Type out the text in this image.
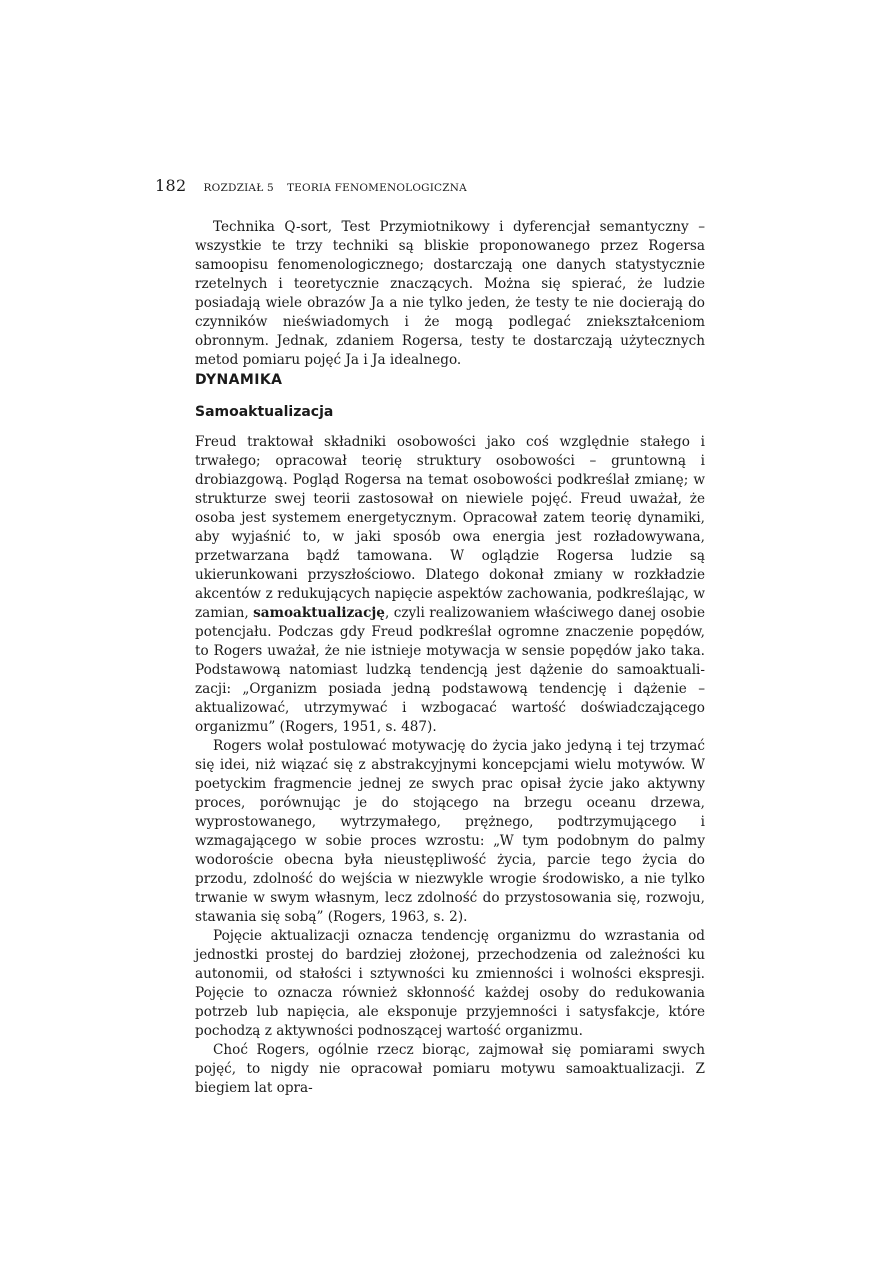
182 ROZDZIAŁ 5 TEORIA FENOMENOLOGICZNA

Technika Q-sort, Test Przymiotnikowy i dyferencjał semantyczny – wszystkie te trzy techniki są bliskie proponowanego przez Rogersa samoopisu fenomenologicznego; dostarczają one danych statystycznie rzetelnych i teoretycznie znaczących. Można się spierać, że ludzie posiadają wiele obrazów Ja a nie tylko jeden, że testy te nie docierają do czynników nieświadomych i że mogą podlegać zniekształceniom obronnym. Jednak, zdaniem Rogersa, testy te dostarczają użytecznych metod pomiaru pojęć Ja i Ja idealnego.

DYNAMIKA
Samoaktualizacja

Freud traktował składniki osobowości jako coś względnie stałego i trwałego; opracował teorię struktury osobowości – gruntowną i drobiazgową. Pogląd Rogersa na temat osobowości podkreślał zmianę; w strukturze swej teorii zastosował on niewiele pojęć. Freud uważał, że osoba jest systemem energetycznym. Opracował zatem teorię dynamiki, aby wyjaśnić to, w jaki sposób owa energia jest rozładowywana, przetwarzana bądź tamowana. W oglądzie Rogersa ludzie są ukierunkowani przyszłościowo. Dlatego dokonał zmiany w rozkładzie akcentów z redukujących napięcie aspektów zachowania, podkreślając, w zamian, samoaktualizację, czyli realizowaniem właściwego danej osobie potencjału. Podczas gdy Freud podkreślał ogromne znaczenie popędów, to Rogers uważał, że nie istnieje motywacja w sensie popędów jako taka. Podstawową natomiast ludzką tendencją jest dążenie do samoaktualizacji: „Organizm posiada jedną podstawową tendencję i dążenie – aktualizować, utrzymywać i wzbogacać wartość doświadczającego organizmu” (Rogers, 1951, s. 487).

Rogers wolał postulować motywację do życia jako jedyną i tej trzymać się idei, niż wiązać się z abstrakcyjnymi koncepcjami wielu motywów. W poetyckim fragmencie jednej ze swych prac opisał życie jako aktywny proces, porównując je do stojącego na brzegu oceanu drzewa, wyprostowanego, wytrzymałego, prężnego, podtrzymującego i wzmagającego w sobie proces wzrostu: „W tym podobnym do palmy wodoroście obecna była nieustępliwość życia, parcie tego życia do przodu, zdolność do wejścia w niezwykle wrogie środowisko, a nie tylko trwanie w swym własnym, lecz zdolność do przystosowania się, rozwoju, stawania się sobą” (Rogers, 1963, s. 2).

Pojęcie aktualizacji oznacza tendencję organizmu do wzrastania od jednostki prostej do bardziej złożonej, przechodzenia od zależności ku autonomii, od stałości i sztywności ku zmienności i wolności ekspresji. Pojęcie to oznacza również skłonność każdej osoby do redukowania potrzeb lub napięcia, ale eksponuje przyjemności i satysfakcje, które pochodzą z aktywności podnoszącej wartość organizmu.

Choć Rogers, ogólnie rzecz biorąc, zajmował się pomiarami swych pojęć, to nigdy nie opracował pomiaru motywu samoaktualizacji. Z biegiem lat opra-
